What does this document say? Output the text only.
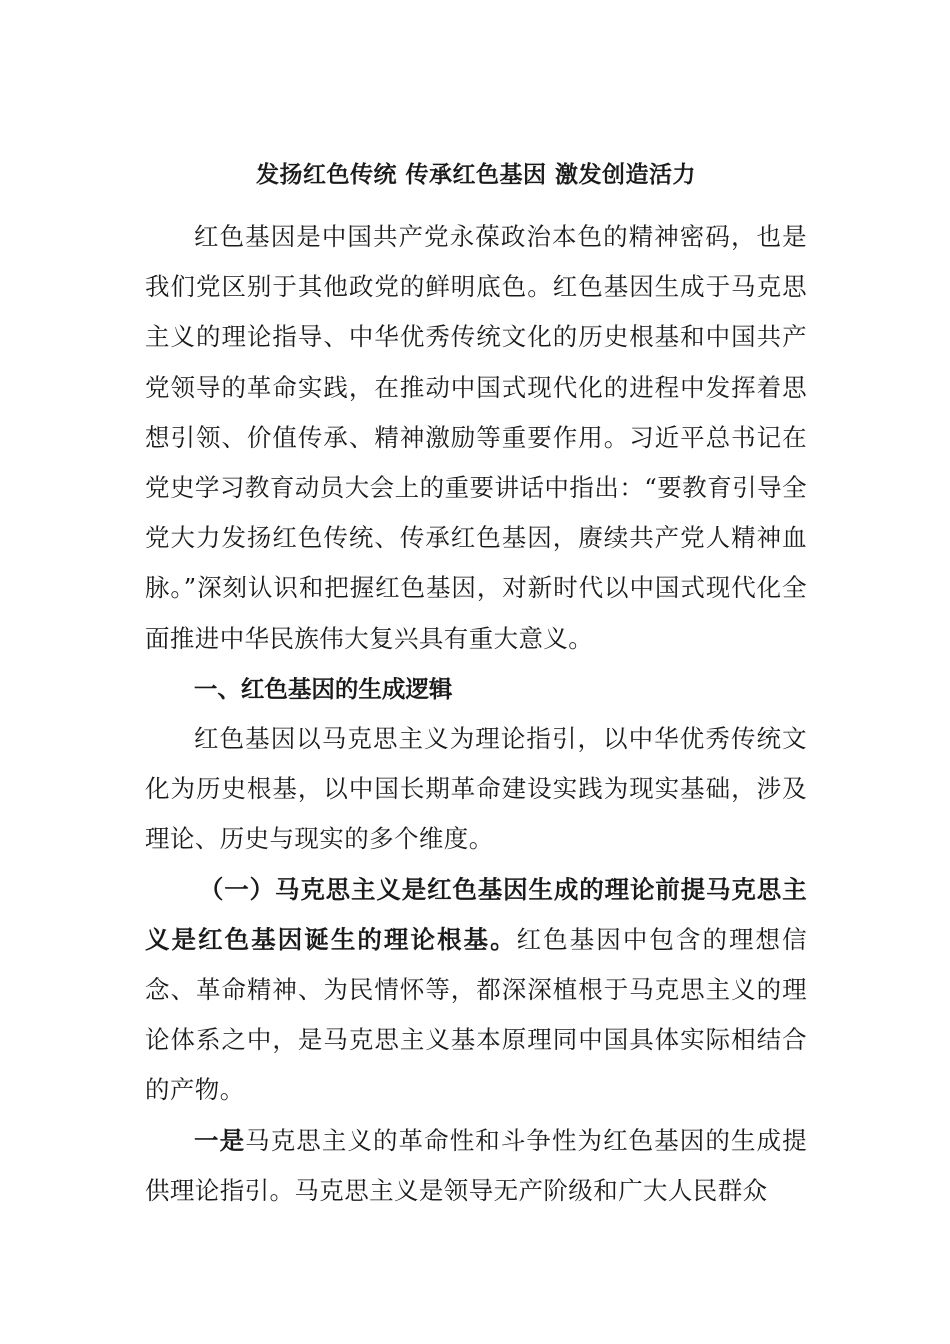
发扬红色传统 传承红色基因 激发创造活力

红色基因是中国共产党永葆政治本色的精神密码，也是我们党区别于其他政党的鲜明底色。红色基因生成于马克思主义的理论指导、中华优秀传统文化的历史根基和中国共产党领导的革命实践，在推动中国式现代化的进程中发挥着思想引领、价值传承、精神激励等重要作用。习近平总书记在党史学习教育动员大会上的重要讲话中指出：“要教育引导全党大力发扬红色传统、传承红色基因，赓续共产党人精神血脉。”深刻认识和把握红色基因，对新时代以中国式现代化全面推进中华民族伟大复兴具有重大意义。

一、红色基因的生成逻辑

红色基因以马克思主义为理论指引，以中华优秀传统文化为历史根基，以中国长期革命建设实践为现实基础，涉及理论、历史与现实的多个维度。

（一）马克思主义是红色基因生成的理论前提马克思主义是红色基因诞生的理论根基。红色基因中包含的理想信念、革命精神、为民情怀等，都深深植根于马克思主义的理论体系之中，是马克思主义基本原理同中国具体实际相结合的产物。

一是马克思主义的革命性和斗争性为红色基因的生成提供理论指引。马克思主义是领导无产阶级和广大人民群众
